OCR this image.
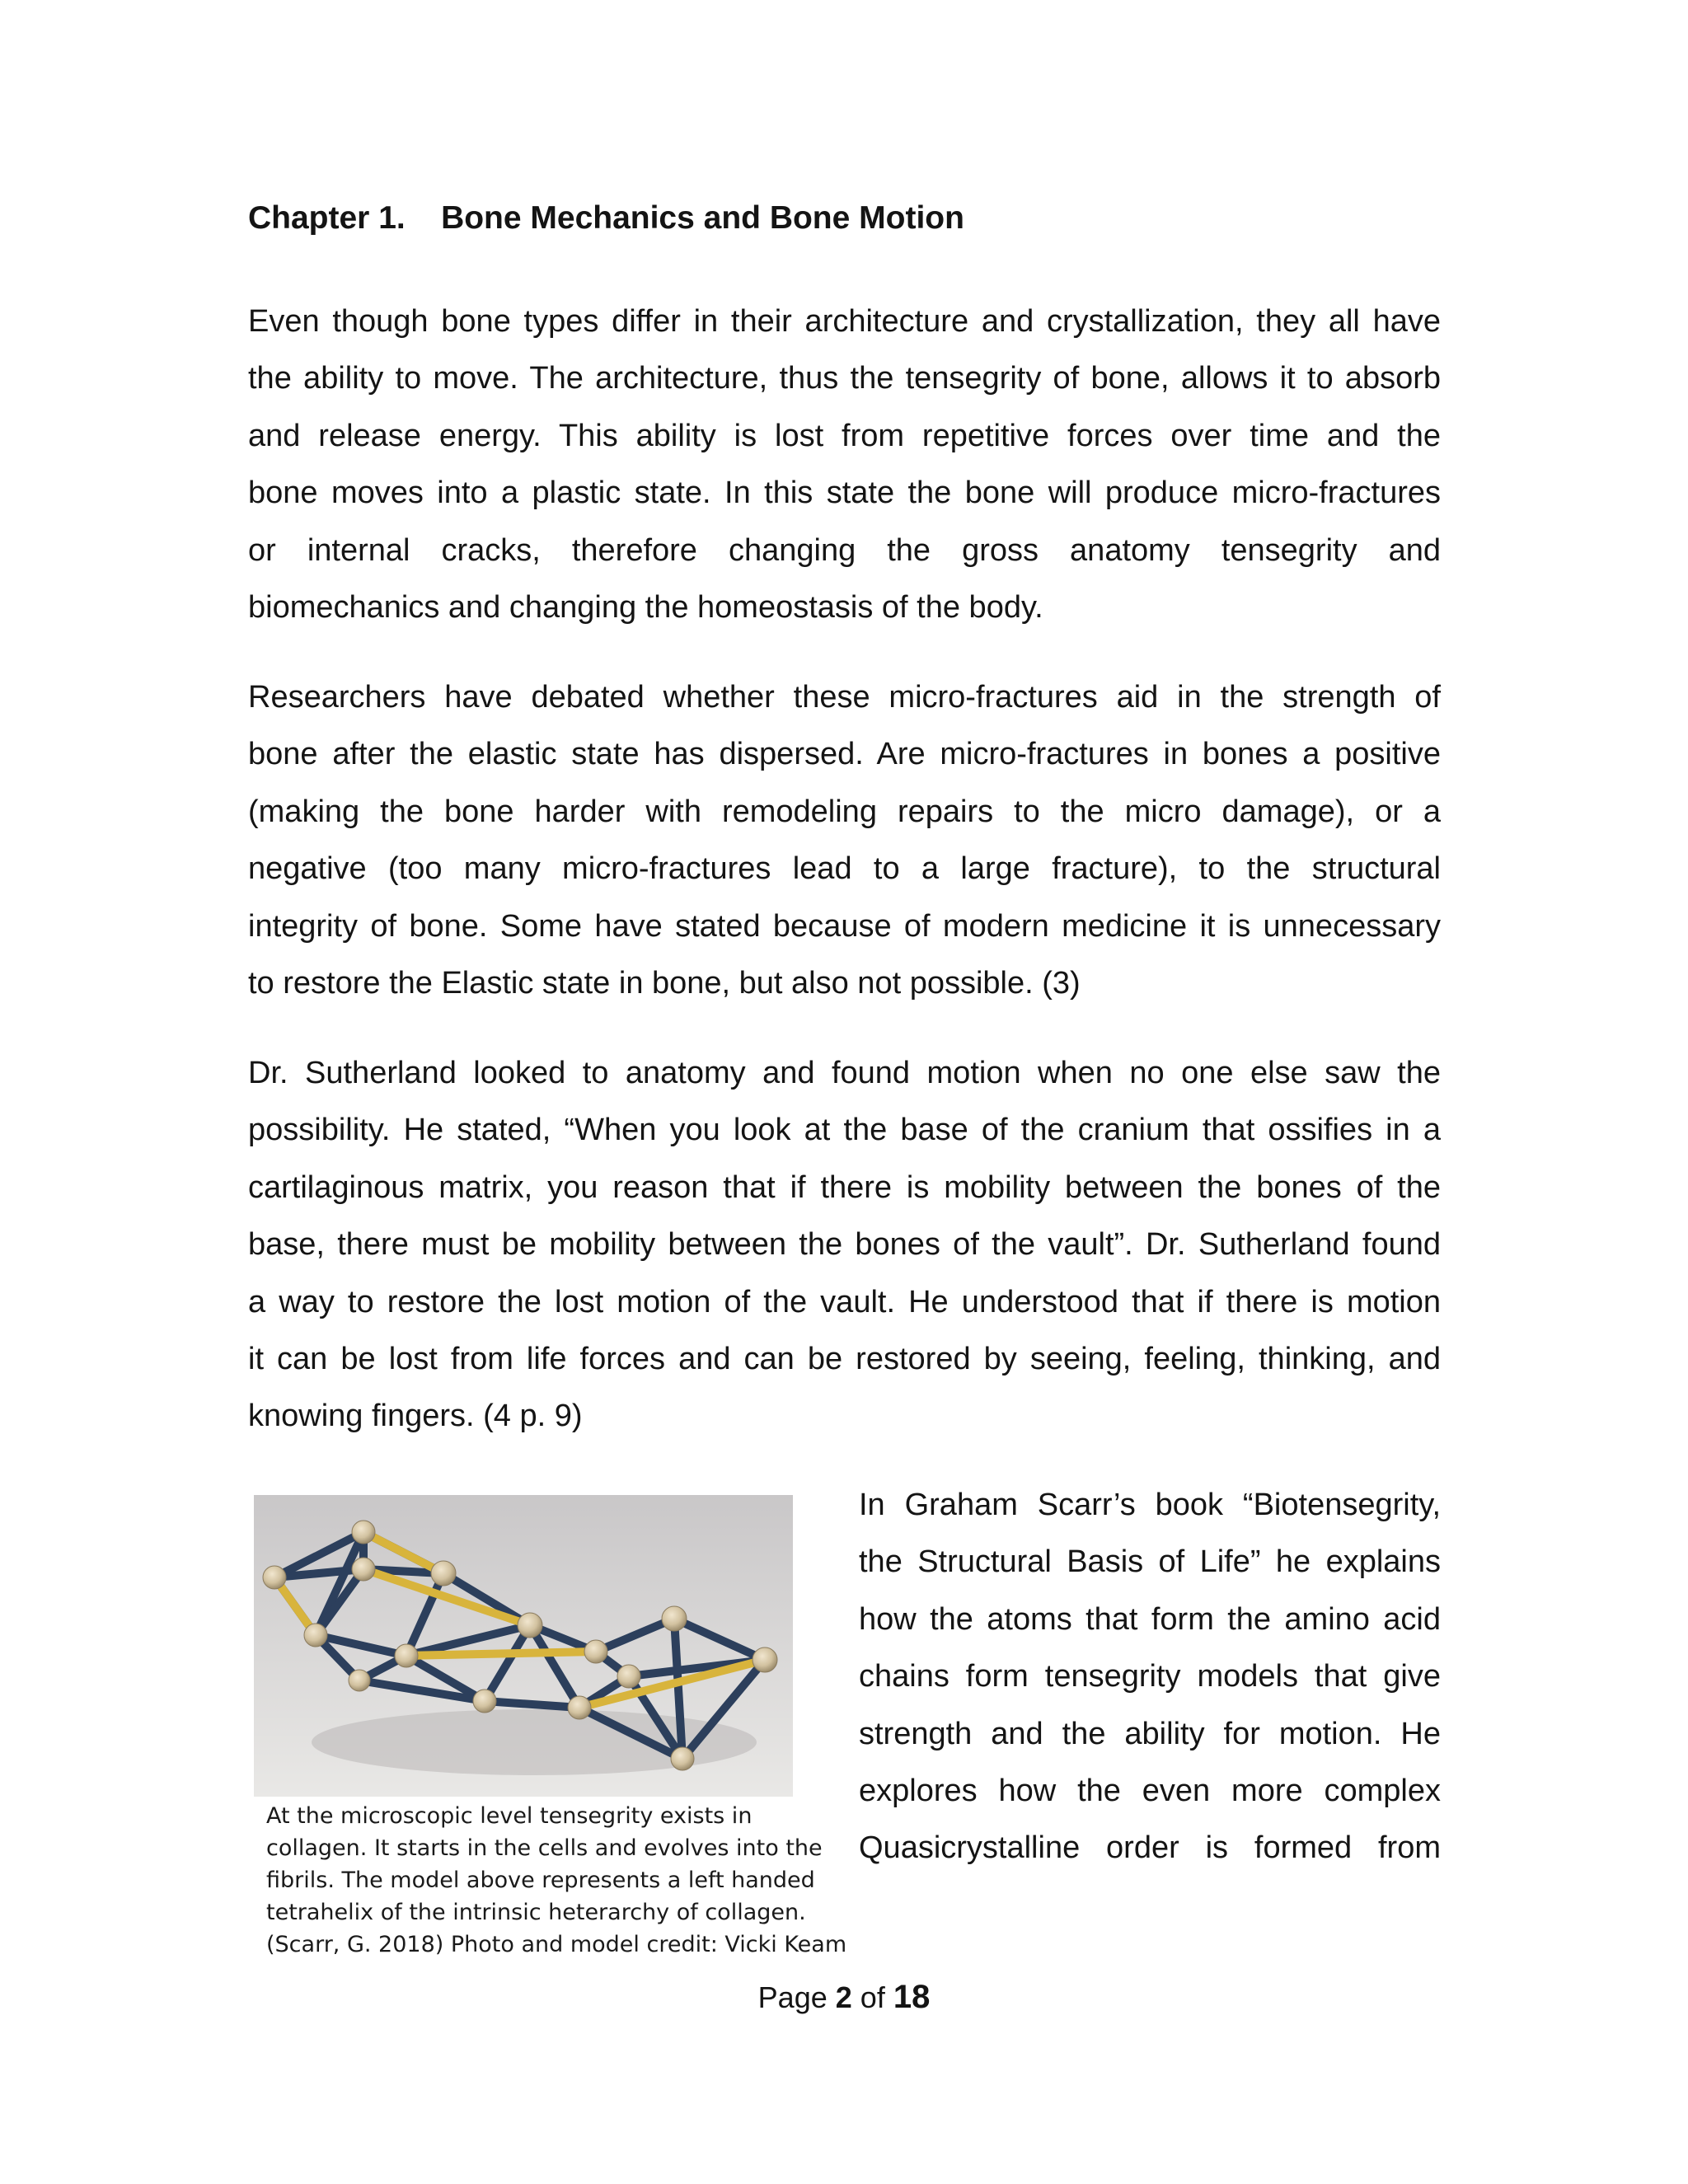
Chapter 1. Bone Mechanics and Bone Motion

Even though bone types differ in their architecture and crystallization, they all have
the ability to move. The architecture, thus the tensegrity of bone, allows it to absorb
and release energy. This ability is lost from repetitive forces over time and the
bone moves into a plastic state. In this state the bone will produce micro-fractures
or internal cracks, therefore changing the gross anatomy tensegrity and
biomechanics and changing the homeostasis of the body.

Researchers have debated whether these micro-fractures aid in the strength of
bone after the elastic state has dispersed. Are micro-fractures in bones a positive
(making the bone harder with remodeling repairs to the micro damage), or a
negative (too many micro-fractures lead to a large fracture), to the structural
integrity of bone. Some have stated because of modern medicine it is unnecessary
to restore the Elastic state in bone, but also not possible. (3)

Dr. Sutherland looked to anatomy and found motion when no one else saw the
possibility. He stated, “When you look at the base of the cranium that ossifies in a
cartilaginous matrix, you reason that if there is mobility between the bones of the
base, there must be mobility between the bones of the vault”. Dr. Sutherland found
a way to restore the lost motion of the vault. He understood that if there is motion
it can be lost from life forces and can be restored by seeing, feeling, thinking, and
knowing fingers. (4 p. 9)

At the microscopic level tensegrity exists in
collagen. It starts in the cells and evolves into the
fibrils. The model above represents a left handed
tetrahelix of the intrinsic heterarchy of collagen.
(Scarr, G. 2018) Photo and model credit: Vicki Keam

In Graham Scarr’s book “Biotensegrity,
the Structural Basis of Life” he explains
how the atoms that form the amino acid
chains form tensegrity models that give
strength and the ability for motion. He
explores how the even more complex
Quasicrystalline order is formed from

Page 2 of 18
